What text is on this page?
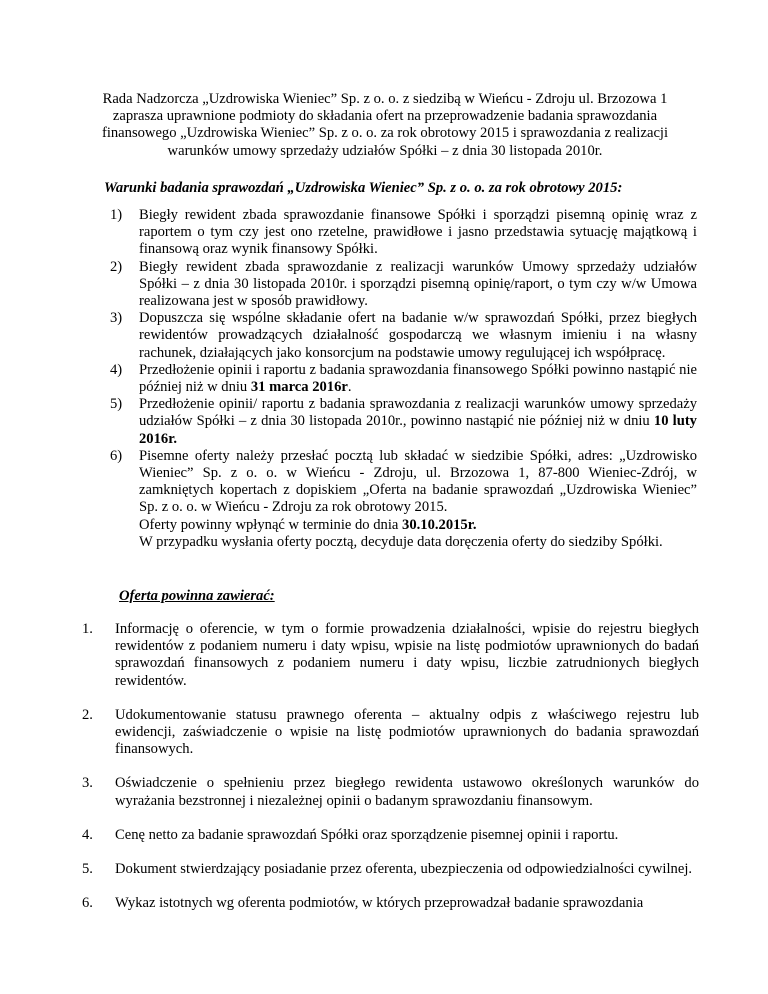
Rada Nadzorcza „Uzdrowiska Wieniec” Sp. z o. o. z siedzibą w Wieńcu - Zdroju ul. Brzozowa 1
zaprasza uprawnione podmioty do składania ofert na przeprowadzenie badania sprawozdania
finansowego „Uzdrowiska Wieniec” Sp. z o. o. za rok obrotowy 2015 i sprawozdania z realizacji
warunków umowy sprzedaży udziałów Spółki – z dnia 30 listopada 2010r.
Warunki badania sprawozdań „Uzdrowiska Wieniec” Sp. z o. o. za rok obrotowy 2015:
1) Biegły rewident zbada sprawozdanie finansowe Spółki i sporządzi pisemną opinię wraz z raportem o tym czy jest ono rzetelne, prawidłowe i jasno przedstawia sytuację majątkową i finansową oraz wynik finansowy Spółki.

2) Biegły rewident zbada sprawozdanie z realizacji warunków Umowy sprzedaży udziałów Spółki – z dnia 30 listopada 2010r. i sporządzi pisemną opinię/raport, o tym czy w/w Umowa realizowana jest w sposób prawidłowy.

3) Dopuszcza się wspólne składanie ofert na badanie w/w sprawozdań Spółki, przez biegłych rewidentów prowadzących działalność gospodarczą we własnym imieniu i na własny rachunek, działających jako konsorcjum na podstawie umowy regulującej ich współpracę.

4) Przedłożenie opinii i raportu z badania sprawozdania finansowego Spółki powinno nastąpić nie później niż w dniu 31 marca 2016r.

5) Przedłożenie opinii/ raportu z badania sprawozdania z realizacji warunków umowy sprzedaży udziałów Spółki – z dnia 30 listopada 2010r., powinno nastąpić nie później niż w dniu 10 luty 2016r.

6) Pisemne oferty należy przesłać pocztą lub składać w siedzibie Spółki, adres: „Uzdrowisko Wieniec” Sp. z o. o. w Wieńcu - Zdroju, ul. Brzozowa 1, 87-800 Wieniec-Zdrój, w zamkniętych kopertach z dopiskiem „Oferta na badanie sprawozdań „Uzdrowiska Wieniec” Sp. z o. o. w Wieńcu - Zdroju za rok obrotowy 2015.

Oferty powinny wpłynąć w terminie do dnia 30.10.2015r.

W przypadku wysłania oferty pocztą, decyduje data doręczenia oferty do siedziby Spółki.

Oferta powinna zawierać:
1. Informację o oferencie, w tym o formie prowadzenia działalności, wpisie do rejestru biegłych rewidentów z podaniem numeru i daty wpisu, wpisie na listę podmiotów uprawnionych do badań sprawozdań finansowych z podaniem numeru i daty wpisu, liczbie zatrudnionych biegłych rewidentów.
2. Udokumentowanie statusu prawnego oferenta – aktualny odpis z właściwego rejestru lub ewidencji, zaświadczenie o wpisie na listę podmiotów uprawnionych do badania sprawozdań finansowych.
3. Oświadczenie o spełnieniu przez biegłego rewidenta ustawowo określonych warunków do wyrażania bezstronnej i niezależnej opinii o badanym sprawozdaniu finansowym.
4. Cenę netto za badanie sprawozdań Spółki oraz sporządzenie pisemnej opinii i raportu.
5. Dokument stwierdzający posiadanie przez oferenta, ubezpieczenia od odpowiedzialności cywilnej.
6. Wykaz istotnych wg oferenta podmiotów, w których przeprowadzał badanie sprawozdania
